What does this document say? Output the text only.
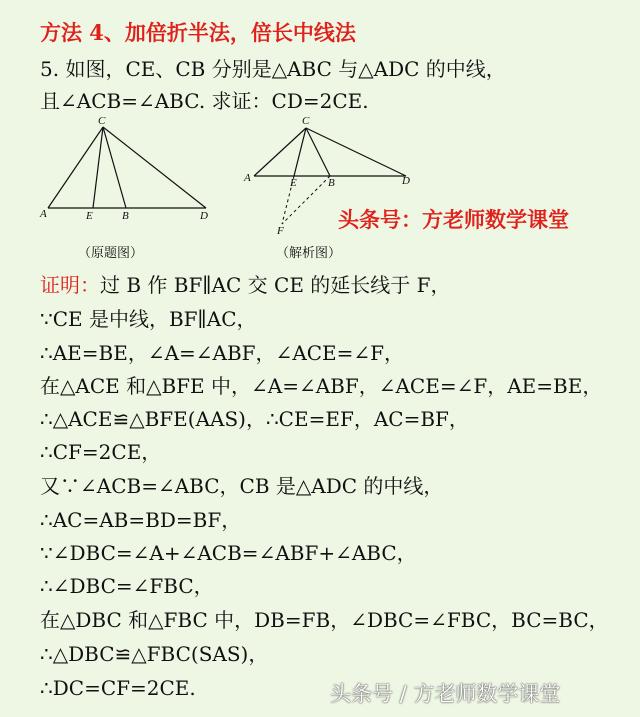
方法 4、加倍折半法，倍长中线法
5. 如图，CE、CB 分别是△ABC 与△ADC 的中线，
且∠ACB=∠ABC. 求证：CD=2CE.
C
A	E	B	D
（原题图）
C
A	E	B	D
F
（解析图）
头条号：方老师数学课堂
证明：过 B 作 BF∥AC 交 CE 的延长线于 F，
∵CE 是中线，BF∥AC，
∴AE=BE，∠A=∠ABF，∠ACE=∠F，
在△ACE 和△BFE 中，∠A=∠ABF，∠ACE=∠F，AE=BE，
∴△ACE≌△BFE(AAS)，∴CE=EF，AC=BF，
∴CF=2CE，
又∵∠ACB=∠ABC，CB 是△ADC 的中线，
∴AC=AB=BD=BF，
∵∠DBC=∠A+∠ACB=∠ABF+∠ABC，
∴∠DBC=∠FBC，
在△DBC 和△FBC 中，DB=FB，∠DBC=∠FBC，BC=BC，
∴△DBC≌△FBC(SAS)，
∴DC=CF=2CE.	头条号 / 方老师数学课堂
